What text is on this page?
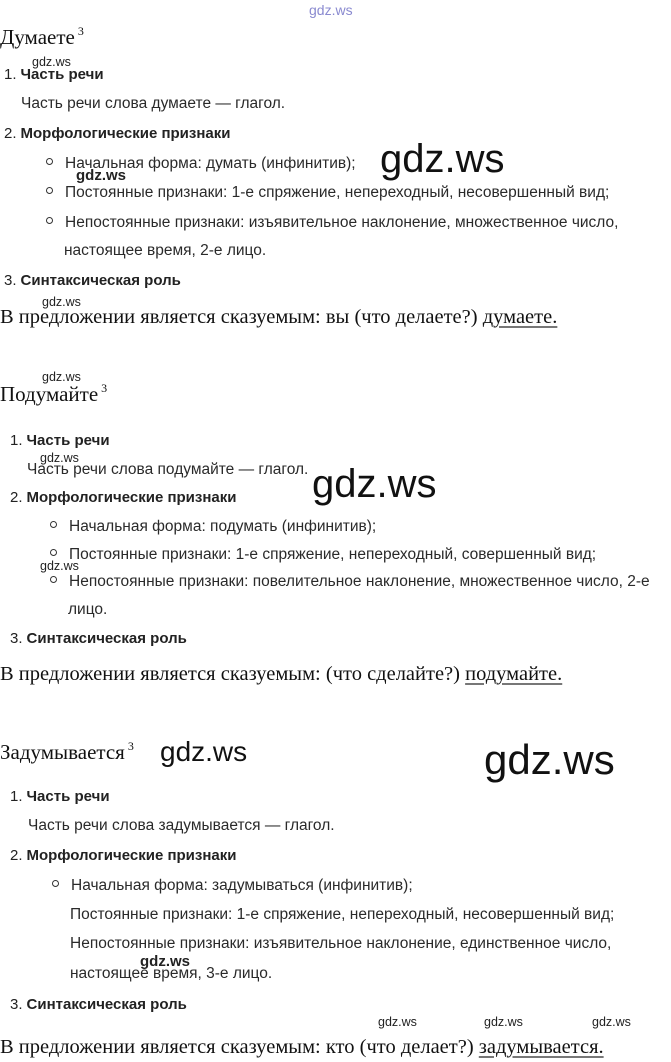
gdz.ws
Думаете $^3$
1. Часть речи
gdz.ws
Часть речи слова думаете — глагол.
2. Морфологические признаки
Начальная форма: думать (инфинитив);
gdz.ws	gdz.ws
Постоянные признаки: 1-е спряжение, непереходный, несовершенный вид;
Непостоянные признаки: изъявительное наклонение, множественное число,
настоящее время, 2-е лицо.
3. Синтаксическая роль
gdz.ws
В предложении является сказуемым: вы (что делаете?) думаете.
gdz.ws
Подумайте $^3$
1. Часть речи
gdz.ws
Часть речи слова подумайте — глагол. gdz.ws
2. Морфологические признаки
Начальная форма: подумать (инфинитив);
Постоянные признаки: 1-е спряжение, непереходный, совершенный вид;
gdz.ws
Непостоянные признаки: повелительное наклонение, множественное число, 2-е
лицо.
3. Синтаксическая роль
В предложении является сказуемым: (что сделайте?) подумайте.
Задумывается $^3$ gdz.ws	gdz.ws
1. Часть речи
Часть речи слова задумывается — глагол.
2. Морфологические признаки
Начальная форма: задумываться (инфинитив);
Постоянные признаки: 1-е спряжение, непереходный, несовершенный вид;
Непостоянные признаки: изъявительное наклонение, единственное число,
gdz.ws
настоящее время, 3-е лицо.
3. Синтаксическая роль
gdz.ws	gdz.ws	gdz.ws
В предложении является сказуемым: кто (что делает?) задумывается.
